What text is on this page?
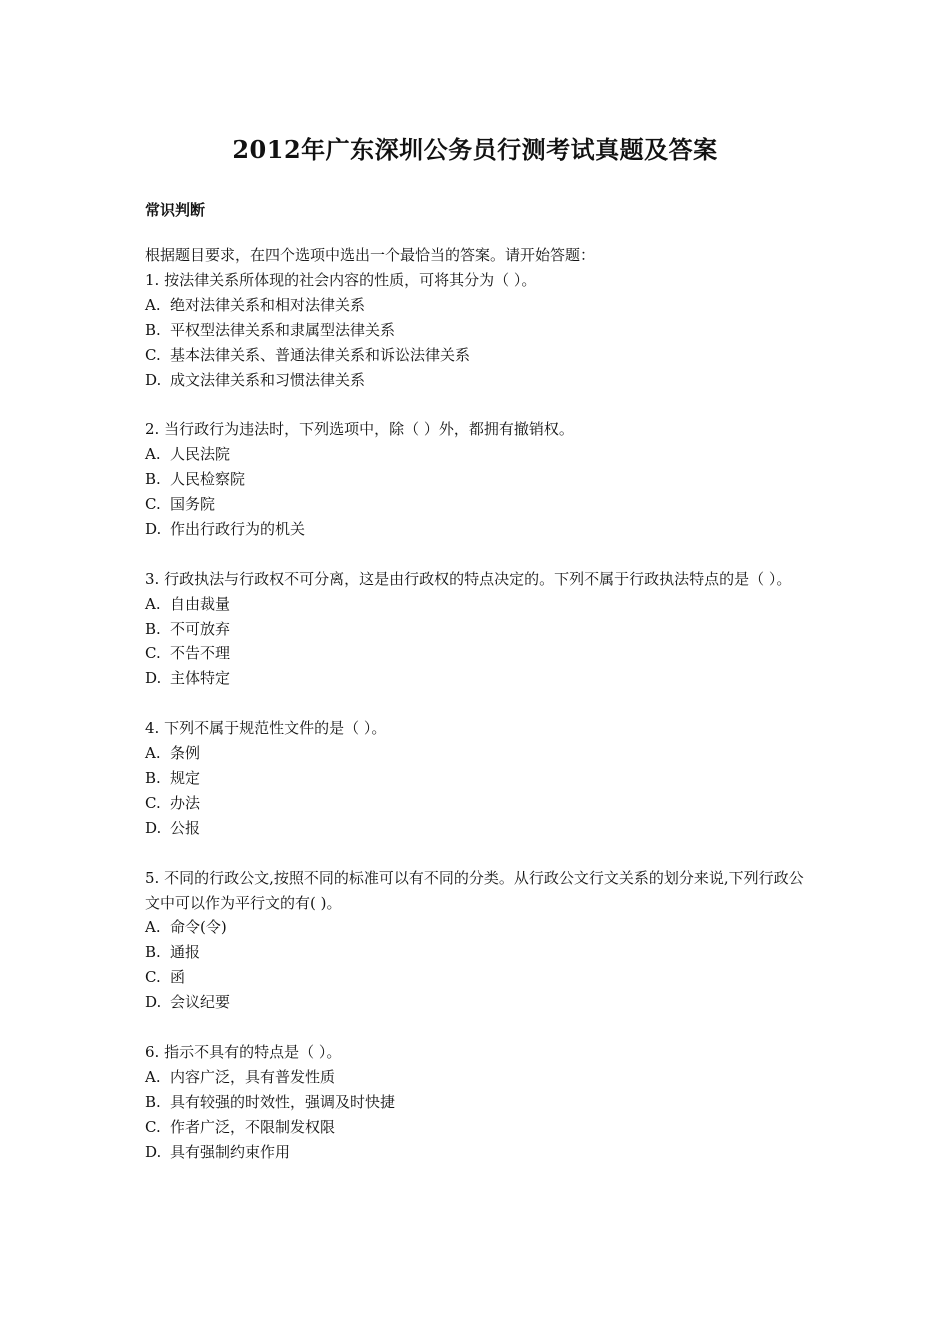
2012年广东深圳公务员行测考试真题及答案
常识判断

根据题目要求，在四个选项中选出一个最恰当的答案。请开始答题：

1. 按法律关系所体现的社会内容的性质，可将其分为（ ）。

A. 绝对法律关系和相对法律关系

B. 平权型法律关系和隶属型法律关系

C. 基本法律关系、普通法律关系和诉讼法律关系

D. 成文法律关系和习惯法律关系

2. 当行政行为违法时，下列选项中，除（ ）外，都拥有撤销权。

A. 人民法院

B. 人民检察院

C. 国务院

D. 作出行政行为的机关

3. 行政执法与行政权不可分离，这是由行政权的特点决定的。下列不属于行政执法特点的是（ ）。

A. 自由裁量

B. 不可放弃

C. 不告不理

D. 主体特定

4. 下列不属于规范性文件的是（ ）。

A. 条例

B. 规定

C. 办法

D. 公报

5. 不同的行政公文,按照不同的标准可以有不同的分类。从行政公文行文关系的划分来说,下列行政公文中可以作为平行文的有( )。

A. 命令(令)

B. 通报

C. 函

D. 会议纪要

6. 指示不具有的特点是（ ）。

A. 内容广泛，具有普发性质

B. 具有较强的时效性，强调及时快捷

C. 作者广泛，不限制发权限

D. 具有强制约束作用
